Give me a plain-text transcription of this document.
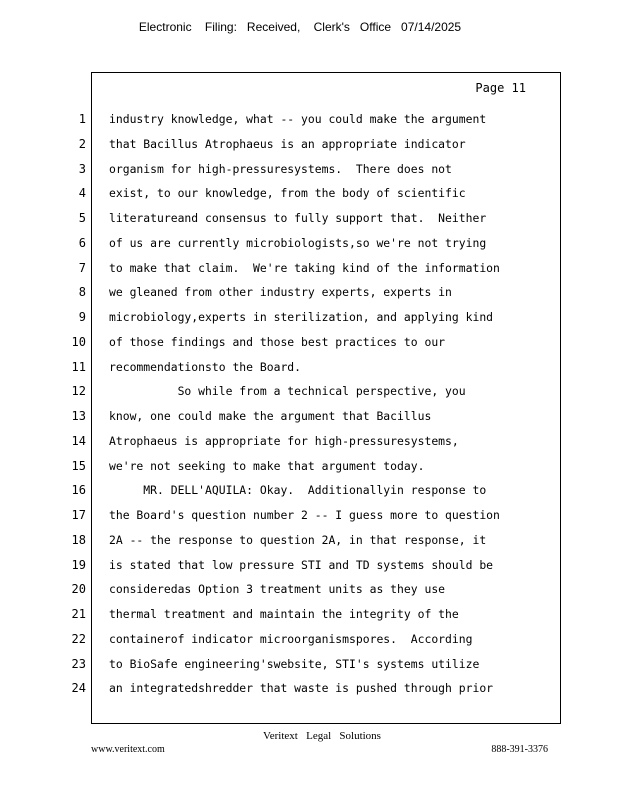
Electronic    Filing:   Received,    Clerk's   Office   07/14/2025
Page 11
1
2
3
4
5
6
7
8
9
10
11
12
13
14
15
16
17
18
19
20
21
22
23
24
industry knowledge, what -- you could make the argument
that Bacillus Atrophaeus is an appropriate indicator
organism for high-pressuresystems.  There does not
exist, to our knowledge, from the body of scientific
literatureand consensus to fully support that.  Neither
of us are currently microbiologists,so we're not trying
to make that claim.  We're taking kind of the information
we gleaned from other industry experts, experts in
microbiology,experts in sterilization, and applying kind
of those findings and those best practices to our
recommendationsto the Board.
So while from a technical perspective, you
know, one could make the argument that Bacillus
Atrophaeus is appropriate for high-pressuresystems,
we're not seeking to make that argument today.
MR. DELL'AQUILA: Okay.  Additionallyin response to
the Board's question number 2 -- I guess more to question
2A -- the response to question 2A, in that response, it
is stated that low pressure STI and TD systems should be
consideredas Option 3 treatment units as they use
thermal treatment and maintain the integrity of the
containerof indicator microorganismspores.  According
to BioSafe engineering'swebsite, STI's systems utilize
an integratedshredder that waste is pushed through prior
Veritext   Legal   Solutions
www.veritext.com	888-391-3376
